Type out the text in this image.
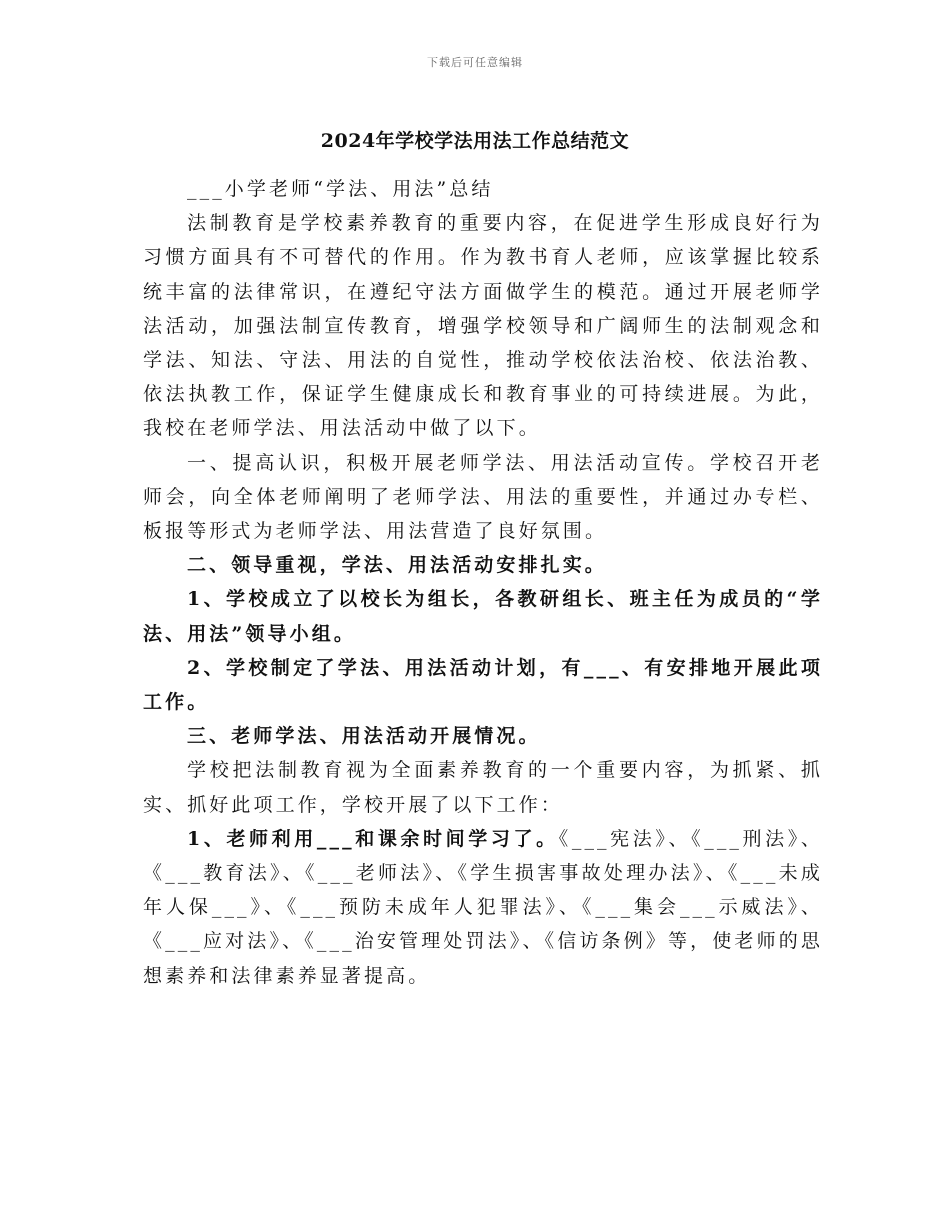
下载后可任意编辑
2024年学校学法用法工作总结范文

___小学老师“学法、用法”总结

法制教育是学校素养教育的重要内容，在促进学生形成良好行为习惯方面具有不可替代的作用。作为教书育人老师，应该掌握比较系统丰富的法律常识，在遵纪守法方面做学生的模范。通过开展老师学法活动，加强法制宣传教育，增强学校领导和广阔师生的法制观念和学法、知法、守法、用法的自觉性，推动学校依法治校、依法治教、依法执教工作，保证学生健康成长和教育事业的可持续进展。为此，我校在老师学法、用法活动中做了以下。

一、提高认识，积极开展老师学法、用法活动宣传。学校召开老师会，向全体老师阐明了老师学法、用法的重要性，并通过办专栏、板报等形式为老师学法、用法营造了良好氛围。

二、领导重视，学法、用法活动安排扎实。

1、学校成立了以校长为组长，各教研组长、班主任为成员的“学法、用法”领导小组。

2、学校制定了学法、用法活动计划，有___、有安排地开展此项工作。

三、老师学法、用法活动开展情况。

学校把法制教育视为全面素养教育的一个重要内容，为抓紧、抓实、抓好此项工作，学校开展了以下工作：

1、老师利用___和课余时间学习了。《___宪法》、《___刑法》、《___教育法》、《___老师法》、《学生损害事故处理办法》、《___未成年人保___》、《___预防未成年人犯罪法》、《___集会___示威法》、《___应对法》、《___治安管理处罚法》、《信访条例》等，使老师的思想素养和法律素养显著提高。
